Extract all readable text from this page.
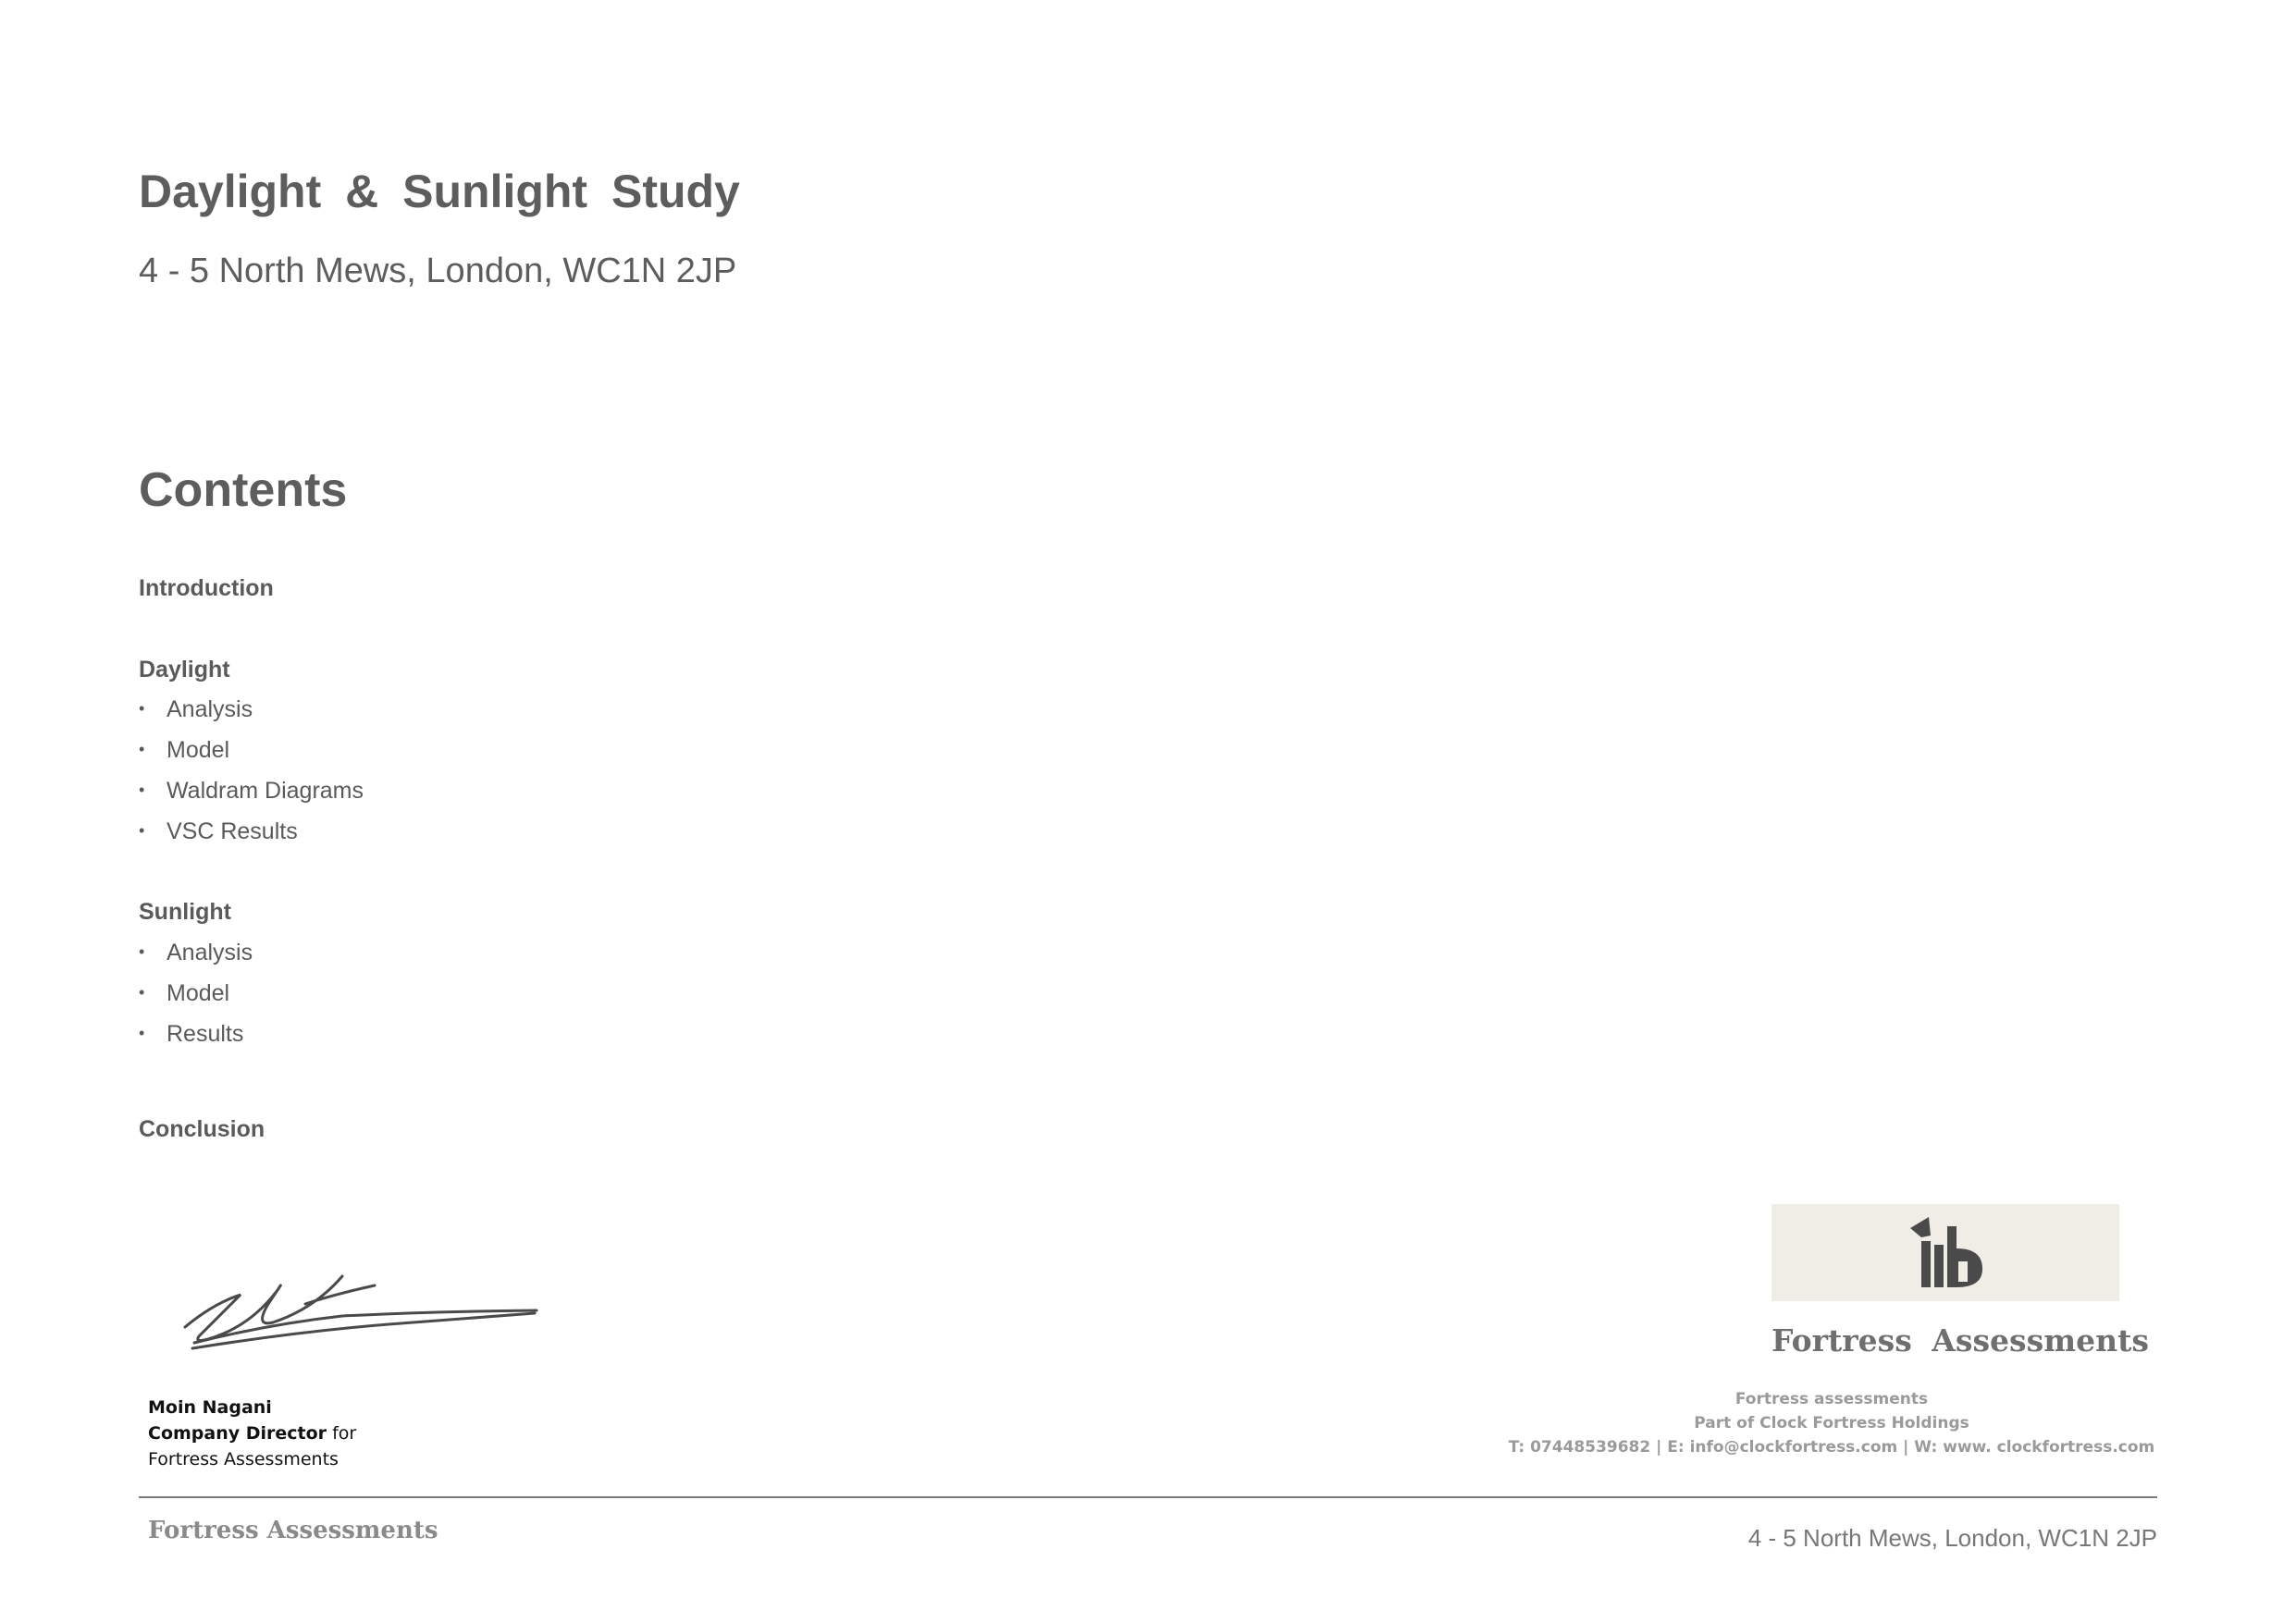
Daylight & Sunlight Study
4 - 5 North Mews, London, WC1N 2JP
Contents
Introduction
Daylight
• Analysis
• Model
• Waldram Diagrams
• VSC Results
Sunlight
• Analysis
• Model
• Results
Conclusion
Moin Nagani
Company Director for
Fortress Assessments
Fortress Assessments
Fortress assessments
Part of Clock Fortress Holdings
T: 07448539682 | E: info@clockfortress.com | W: www. clockfortress.com
Fortress Assessments	4 - 5 North Mews, London, WC1N 2JP
